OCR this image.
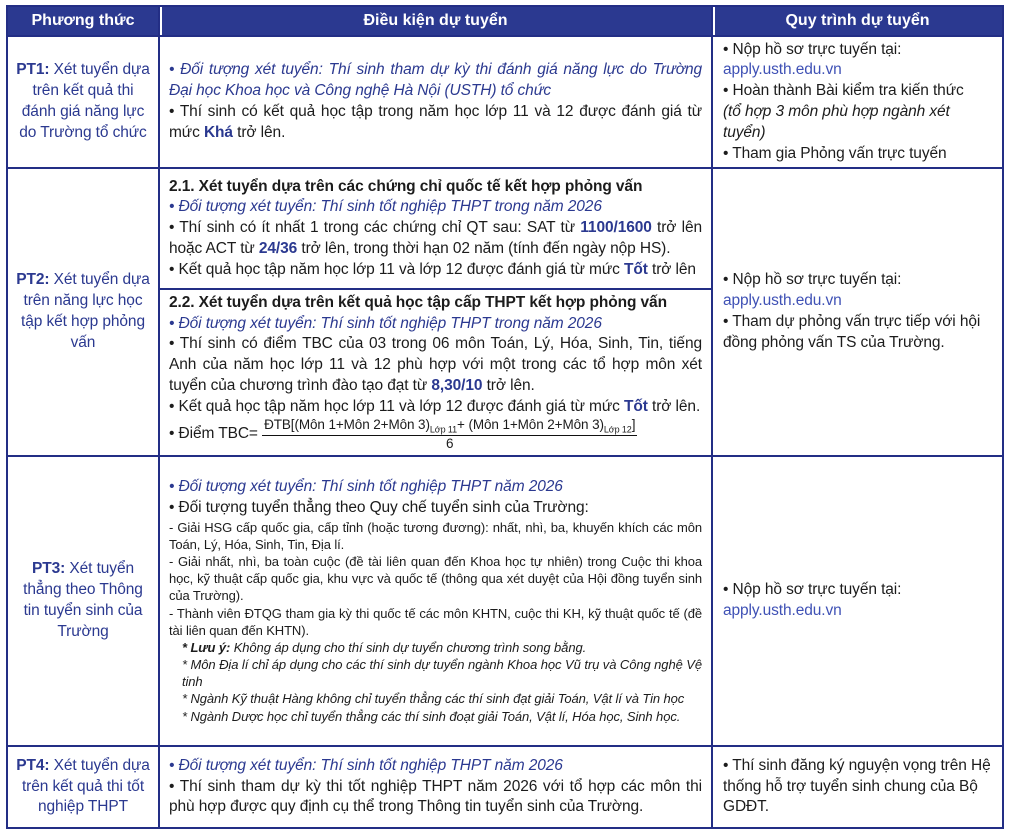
Phương thức	Điều kiện dự tuyển	Quy trình dự tuyển
PT1: Xét tuyển dựa trên kết quả thi đánh giá năng lực do Trường tổ chức
• Đối tượng xét tuyển: Thí sinh tham dự kỳ thi đánh giá năng lực do Trường Đại học Khoa học và Công nghệ Hà Nội (USTH) tổ chức
• Thí sinh có kết quả học tập trong năm học lớp 11 và 12 được đánh giá từ mức Khá trở lên.
• Nộp hồ sơ trực tuyến tại:
apply.usth.edu.vn
• Hoàn thành Bài kiểm tra kiến thức
(tổ hợp 3 môn phù hợp ngành xét tuyển)
• Tham gia Phỏng vấn trực tuyến
PT2: Xét tuyển dựa trên năng lực học tập kết hợp phỏng vấn
2.1. Xét tuyển dựa trên các chứng chỉ quốc tế kết hợp phỏng vấn
• Đối tượng xét tuyển: Thí sinh tốt nghiệp THPT trong năm 2026
• Thí sinh có ít nhất 1 trong các chứng chỉ QT sau: SAT từ 1100/1600 trở lên hoặc ACT từ 24/36 trở lên, trong thời hạn 02 năm (tính đến ngày nộp HS).
• Kết quả học tập năm học lớp 11 và lớp 12 được đánh giá từ mức Tốt trở lên
2.2. Xét tuyển dựa trên kết quả học tập cấp THPT kết hợp phỏng vấn
• Đối tượng xét tuyển: Thí sinh tốt nghiệp THPT trong năm 2026
• Thí sinh có điểm TBC của 03 trong 06 môn Toán, Lý, Hóa, Sinh, Tin, tiếng Anh của năm học lớp 11 và 12 phù hợp với một trong các tổ hợp môn xét tuyển của chương trình đào tạo đạt từ 8,30/10 trở lên.
• Kết quả học tập năm học lớp 11 và lớp 12 được đánh giá từ mức Tốt trở lên.
• Điểm $TBC= \frac{ĐTB[(Môn 1+Môn 2+Môn 3)_{Lớp 11}+ (Môn 1+Môn 2+Môn 3)_{Lớp 12}]}{6}$
• Nộp hồ sơ trực tuyến tại:
apply.usth.edu.vn
• Tham dự phỏng vấn trực tiếp với hội đồng phỏng vấn TS của Trường.
PT3: Xét tuyển thẳng theo Thông tin tuyển sinh của Trường
• Đối tượng xét tuyển: Thí sinh tốt nghiệp THPT năm 2026
• Đối tượng tuyển thẳng theo Quy chế tuyển sinh của Trường:
- Giải HSG cấp quốc gia, cấp tỉnh (hoặc tương đương): nhất, nhì, ba, khuyến khích các môn Toán, Lý, Hóa, Sinh, Tin, Địa lí.
- Giải nhất, nhì, ba toàn cuộc (đề tài liên quan đến Khoa học tự nhiên) trong Cuộc thi khoa học, kỹ thuật cấp quốc gia, khu vực và quốc tế (thông qua xét duyệt của Hội đồng tuyển sinh của Trường).
- Thành viên ĐTQG tham gia kỳ thi quốc tế các môn KHTN, cuộc thi KH, kỹ thuật quốc tế (đề tài liên quan đến KHTN).
* Lưu ý: Không áp dụng cho thí sinh dự tuyển chương trình song bằng.
* Môn Địa lí chỉ áp dụng cho các thí sinh dự tuyển ngành Khoa học Vũ trụ và Công nghệ Vệ tinh
* Ngành Kỹ thuật Hàng không chỉ tuyển thẳng các thí sinh đạt giải Toán, Vật lí và Tin học
* Ngành Dược học chỉ tuyển thẳng các thí sinh đoạt giải Toán, Vật lí, Hóa học, Sinh học.
• Nộp hồ sơ trực tuyến tại:
apply.usth.edu.vn
PT4: Xét tuyển dựa trên kết quả thi tốt nghiệp THPT
• Đối tượng xét tuyển: Thí sinh tốt nghiệp THPT năm 2026
• Thí sinh tham dự kỳ thi tốt nghiệp THPT năm 2026 với tổ hợp các môn thi phù hợp được quy định cụ thể trong Thông tin tuyển sinh của Trường.
• Thí sinh đăng ký nguyện vọng trên Hệ thống hỗ trợ tuyển sinh chung của Bộ GDĐT.
